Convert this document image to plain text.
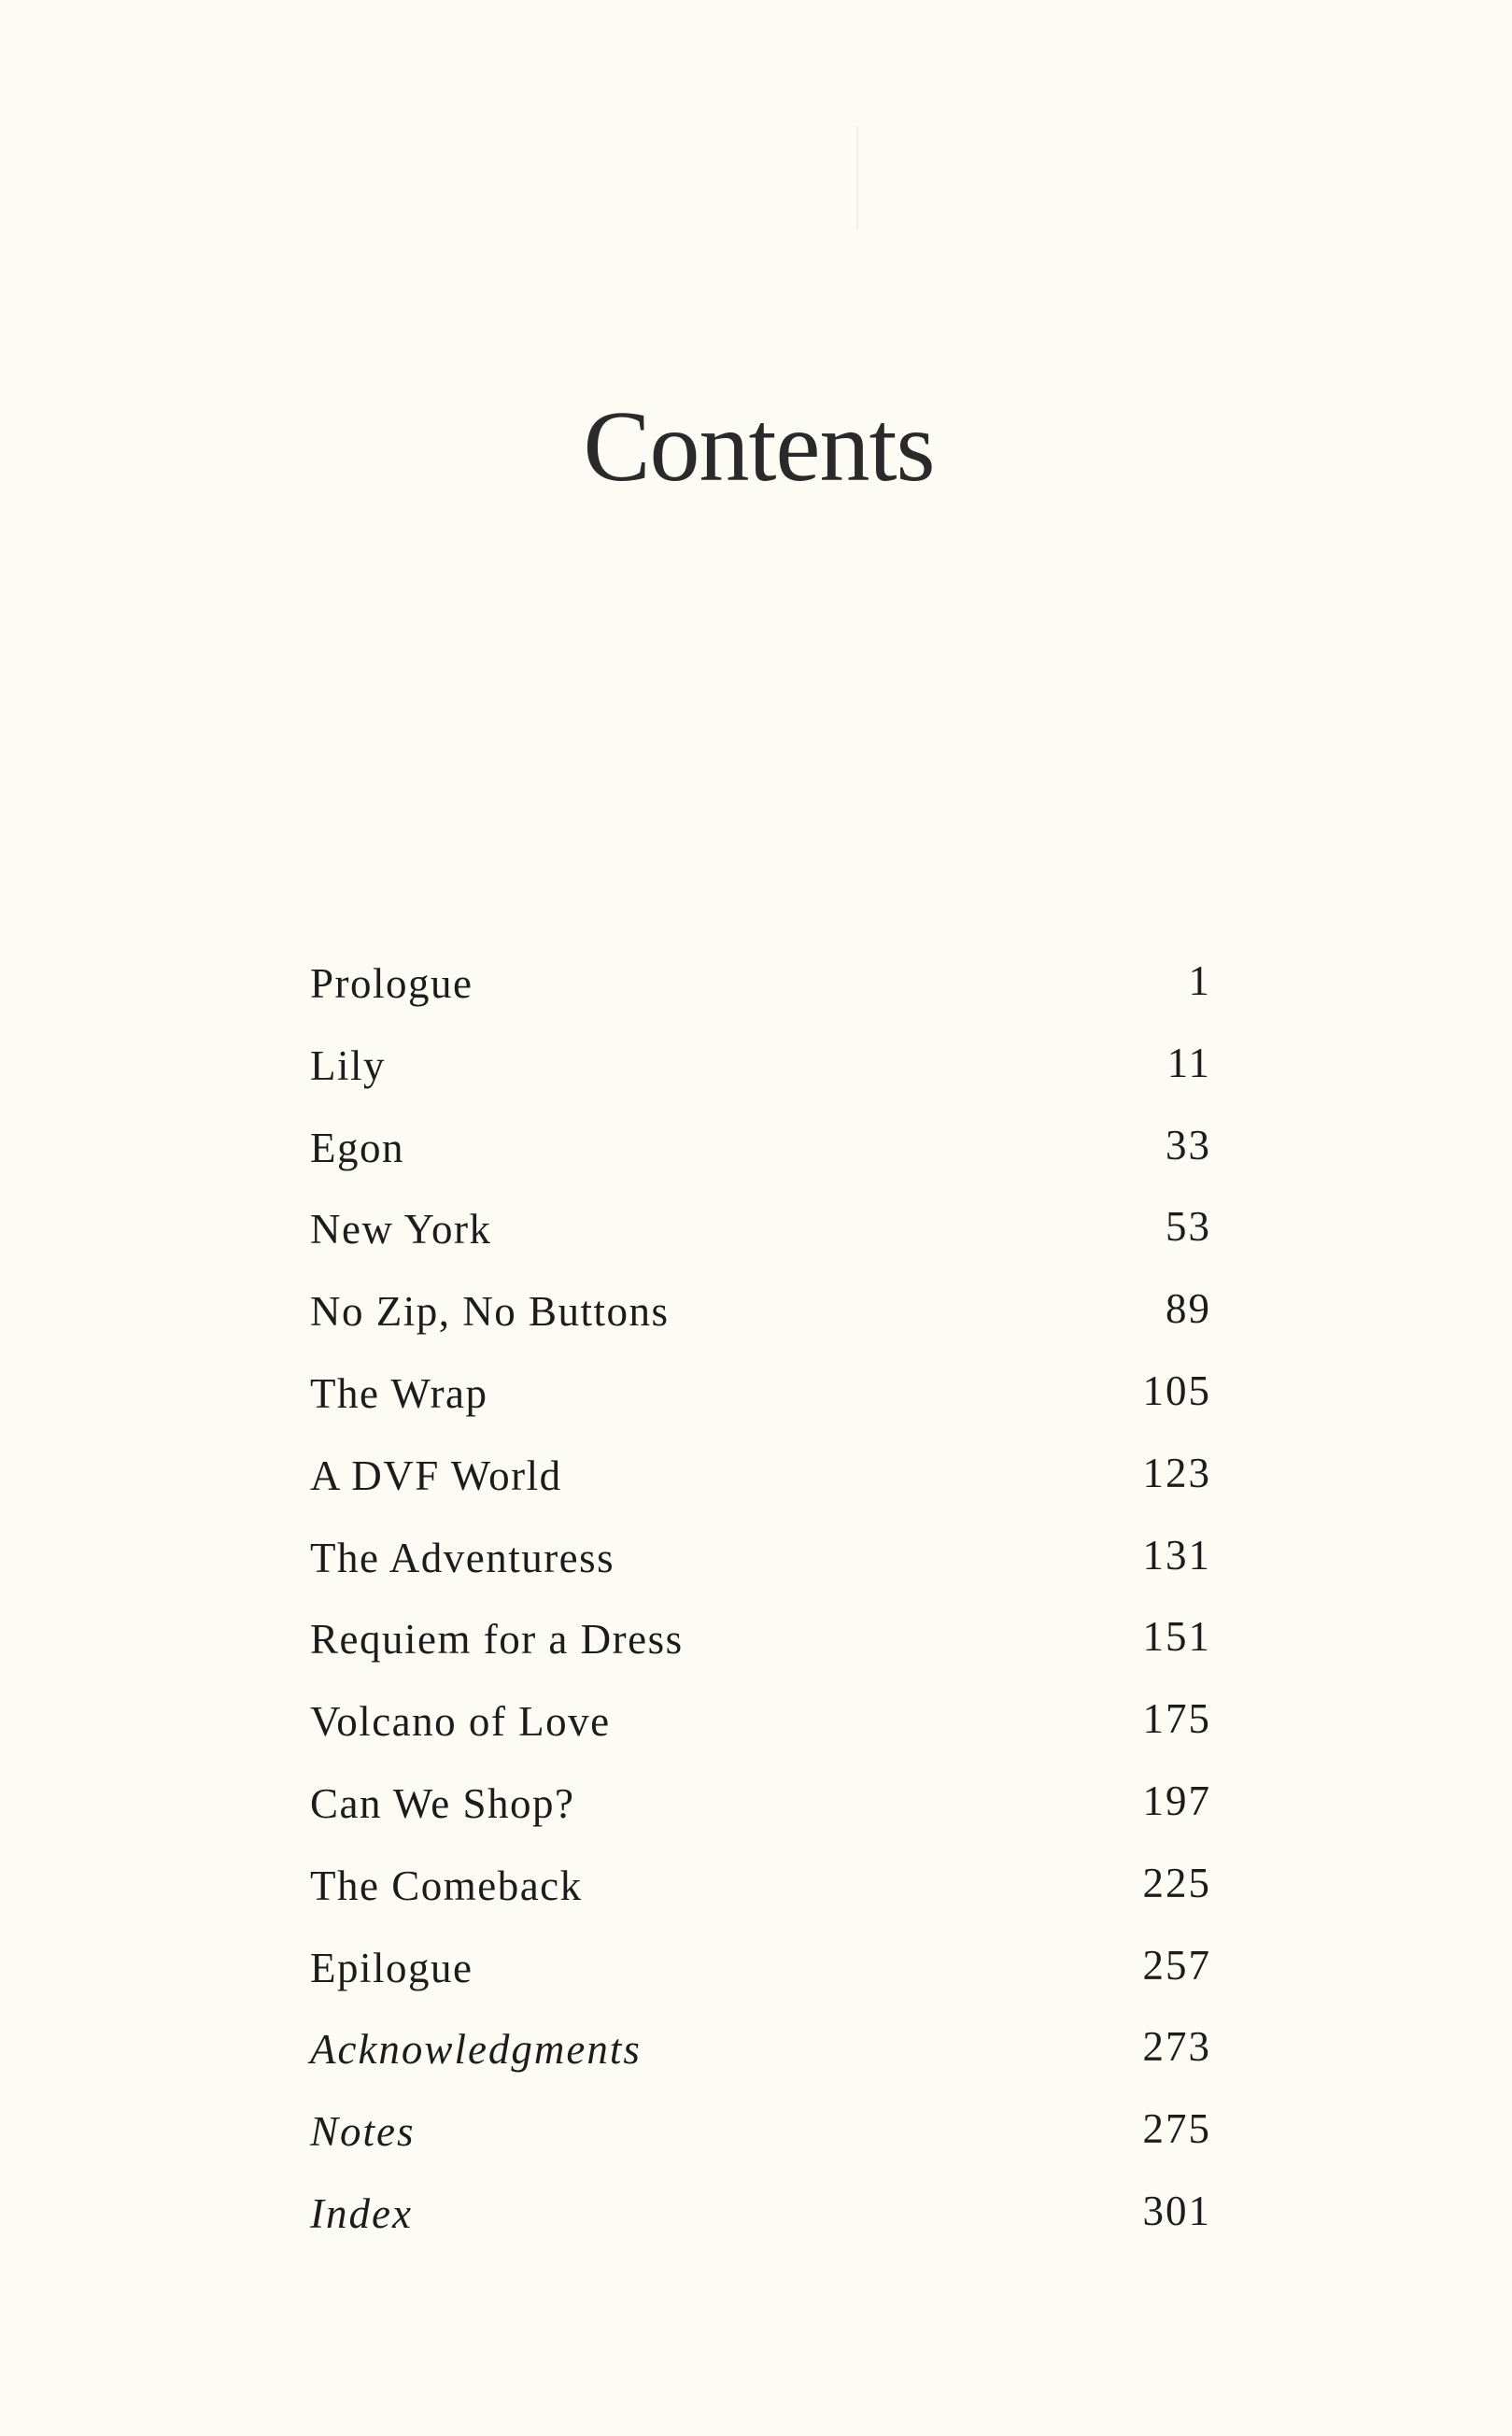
Contents
Prologue	1
Lily	11
Egon	33
New York	53
No Zip, No Buttons	89
The Wrap	105
A DVF World	123
The Adventuress	131
Requiem for a Dress	151
Volcano of Love	175
Can We Shop?	197
The Comeback	225
Epilogue	257
Acknowledgments	273
Notes	275
Index	301
